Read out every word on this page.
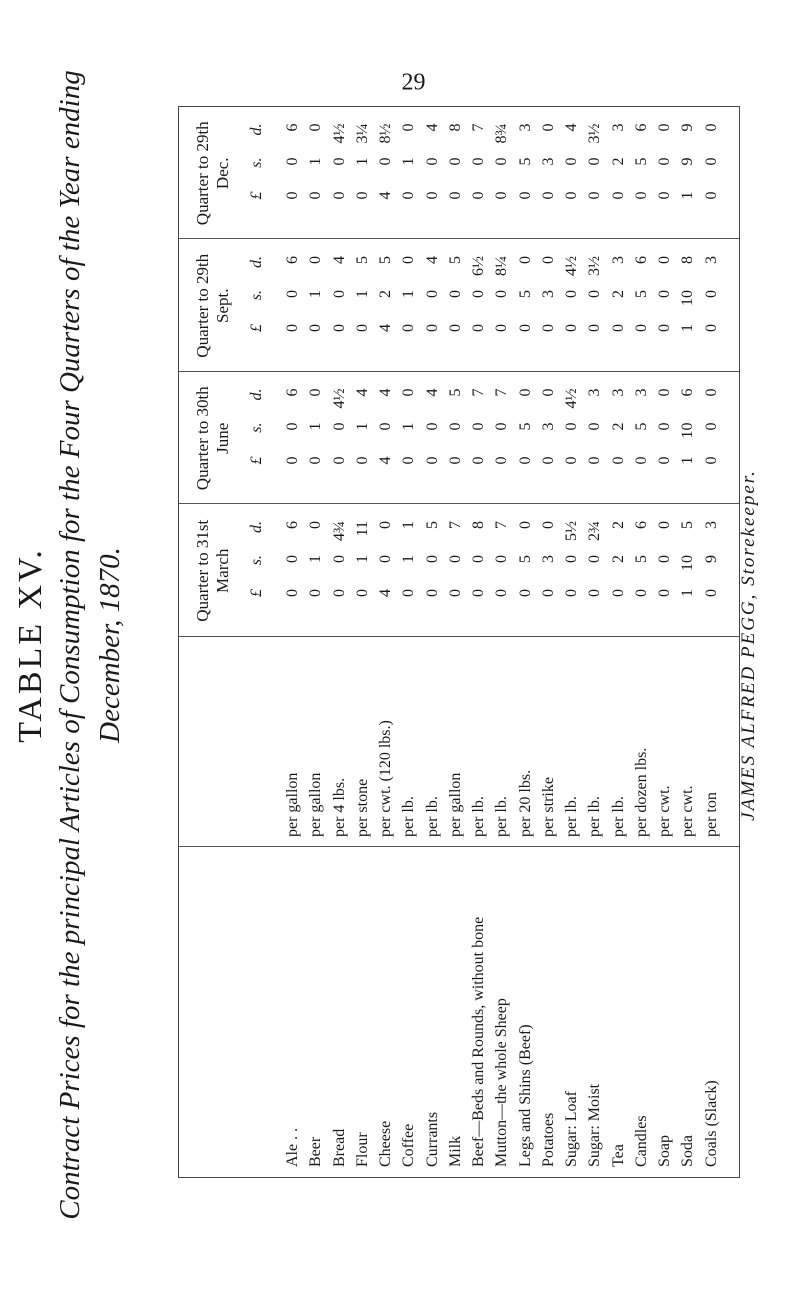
29
TABLE XV. Contract Prices for the principal Articles of Consumption for the Four Quarters of the Year ending December, 1870.	Quarter to 31st March
£
s.
d.
Quarter to 30th June
£
s.
d.
Quarter to 29th Sept.
£
s.
d.
Quarter to 29th Dec.
£
s.
d.
Ale . .
per gallon
0
0
6
0
0
6
0
0
6
0
0
6
Beer
per gallon
0
1
0
0
1
0
0
1
0
0
1
0
Bread
per 4 lbs.
0
0
4¾
0
0
4½
0
0
4
0
0
4½
Flour
per stone
0
1
11
0
1
4
0
1
5
0
1
3¼
Cheese
per cwt. (120 lbs.)
4
0
0
4
0
4
4
2
5
4
0
8½
Coffee
per lb.
0
1
1
0
1
0
0
1
0
0
1
0
Currants
per lb.
0
0
5
0
0
4
0
0
4
0
0
4
Milk
per gallon
0
0
7
0
0
5
0
0
5
0
0
8
Beef—Beds and Rounds, without bone
per lb.
0
0
8
0
0
7
0
0
6½
0
0
7
Mutton—the whole Sheep
per lb.
0
0
7
0
0
7
0
0
8¼
0
0
8¾
Legs and Shins (Beef)
per 20 lbs.
0
5
0
0
5
0
0
5
0
0
5
3
Potatoes
per strike
0
3
0
0
3
0
0
3
0
0
3
0
Sugar: Loaf
per lb.
0
0
5½
0
0
4½
0
0
4½
0
0
4
Sugar: Moist
per lb.
0
0
2¾
0
0
3
0
0
3½
0
0
3½
Tea
per lb.
0
2
2
0
2
3
0
2
3
0
2
3
Candles
per dozen lbs.
0
5
6
0
5
3
0
5
6
0
5
6
Soap
per cwt.
0
0
0
0
0
0
0
0
0
0
0
0
Soda
per cwt.
1
10
5
1
10
6
1
10
8
1
9
9
Coals (Slack)
per ton
0
9
3
0
0
0
0
0
3
0
0
0
JAMES ALFRED PEGG, Storekeeper.
